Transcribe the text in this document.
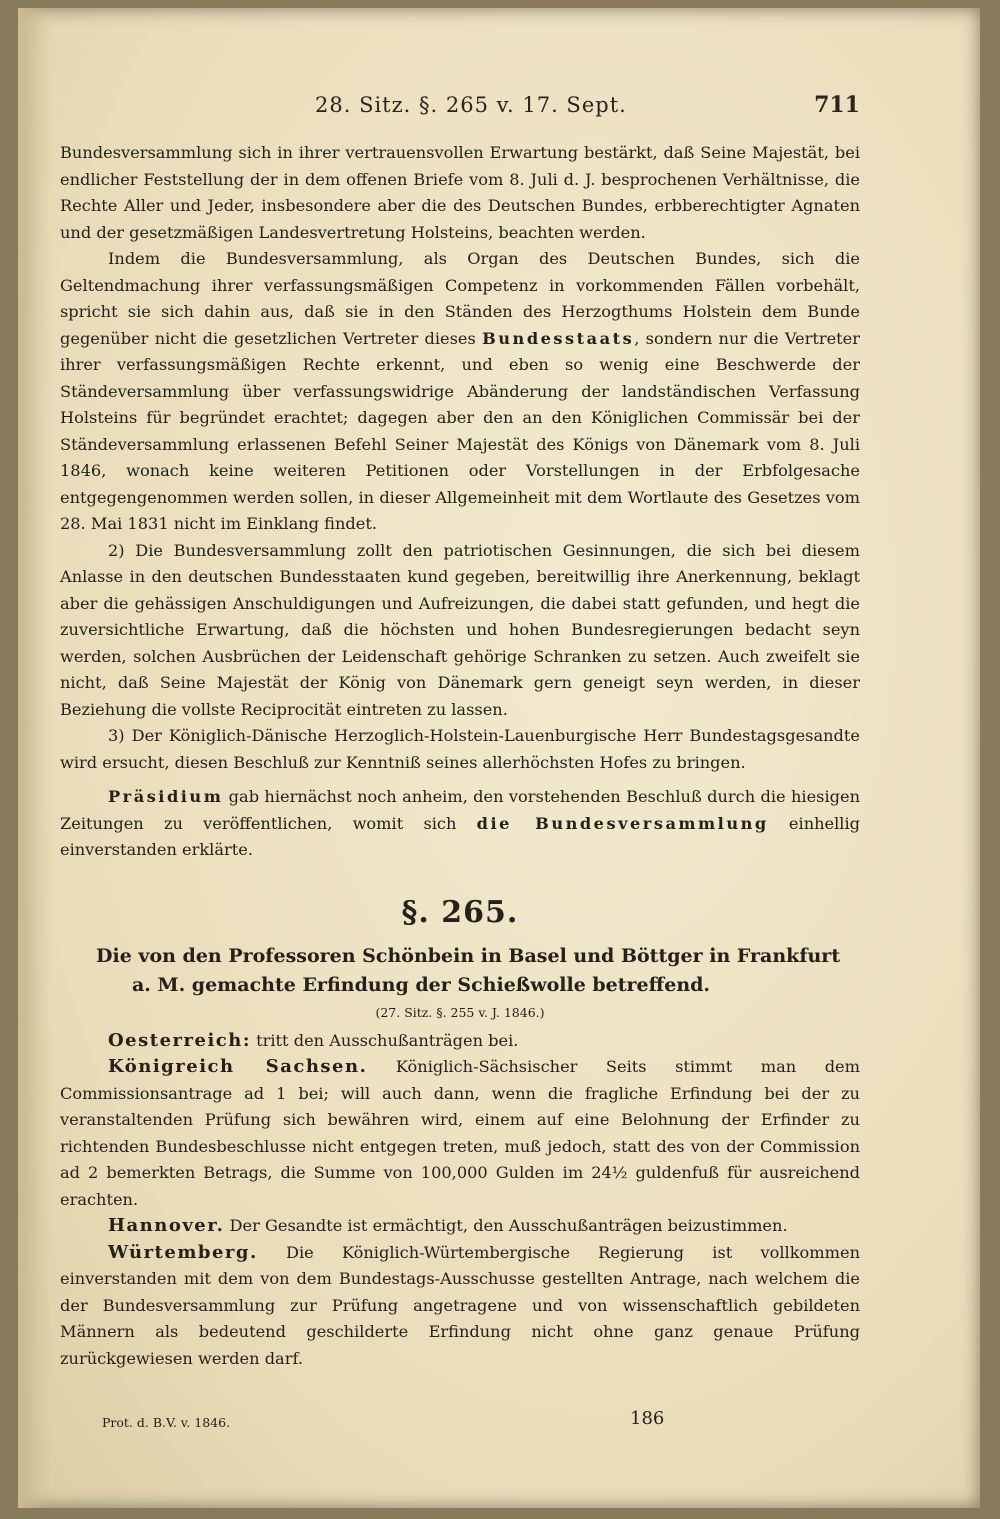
28. Sitz. §. 265 v. 17. Sept.	711

Bundesversammlung sich in ihrer vertrauensvollen Erwartung bestärkt, daß Seine Majestät, bei endlicher Feststellung der in dem offenen Briefe vom 8. Juli d. J. besprochenen Verhältnisse, die Rechte Aller und Jeder, insbesondere aber die des Deutschen Bundes, erbberechtigter Agnaten und der gesetzmäßigen Landesvertretung Holsteins, beachten werden.

Indem die Bundesversammlung, als Organ des Deutschen Bundes, sich die Geltendmachung ihrer verfassungsmäßigen Competenz in vorkommenden Fällen vorbehält, spricht sie sich dahin aus, daß sie in den Ständen des Herzogthums Holstein dem Bunde gegenüber nicht die gesetzlichen Vertreter dieses Bundesstaats, sondern nur die Vertreter ihrer verfassungsmäßigen Rechte erkennt, und eben so wenig eine Beschwerde der Ständeversammlung über verfassungswidrige Abänderung der landständischen Verfassung Holsteins für begründet erachtet; dagegen aber den an den Königlichen Commissär bei der Ständeversammlung erlassenen Befehl Seiner Majestät des Königs von Dänemark vom 8. Juli 1846, wonach keine weiteren Petitionen oder Vorstellungen in der Erbfolgesache entgegengenommen werden sollen, in dieser Allgemeinheit mit dem Wortlaute des Gesetzes vom 28. Mai 1831 nicht im Einklang findet.

2) Die Bundesversammlung zollt den patriotischen Gesinnungen, die sich bei diesem Anlasse in den deutschen Bundesstaaten kund gegeben, bereitwillig ihre Anerkennung, beklagt aber die gehässigen Anschuldigungen und Aufreizungen, die dabei statt gefunden, und hegt die zuversichtliche Erwartung, daß die höchsten und hohen Bundesregierungen bedacht seyn werden, solchen Ausbrüchen der Leidenschaft gehörige Schranken zu setzen. Auch zweifelt sie nicht, daß Seine Majestät der König von Dänemark gern geneigt seyn werden, in dieser Beziehung die vollste Reciprocität eintreten zu lassen.

3) Der Königlich-Dänische Herzoglich-Holstein-Lauenburgische Herr Bundestagsgesandte wird ersucht, diesen Beschluß zur Kenntniß seines allerhöchsten Hofes zu bringen.

Präsidium gab hiernächst noch anheim, den vorstehenden Beschluß durch die hiesigen Zeitungen zu veröffentlichen, womit sich die Bundesversammlung einhellig einverstanden erklärte.

§. 265.

Die von den Professoren Schönbein in Basel und Böttger in Frankfurt a. M. gemachte Erfindung der Schießwolle betreffend.

(27. Sitz. §. 255 v. J. 1846.)

Oesterreich: tritt den Ausschußanträgen bei.

Königreich Sachsen. Königlich-Sächsischer Seits stimmt man dem Commissionsantrage ad 1 bei; will auch dann, wenn die fragliche Erfindung bei der zu veranstaltenden Prüfung sich bewähren wird, einem auf eine Belohnung der Erfinder zu richtenden Bundesbeschlusse nicht entgegen treten, muß jedoch, statt des von der Commission ad 2 bemerkten Betrags, die Summe von 100,000 Gulden im 24½ guldenfuß für ausreichend erachten.

Hannover. Der Gesandte ist ermächtigt, den Ausschußanträgen beizustimmen.

Würtemberg. Die Königlich-Würtembergische Regierung ist vollkommen einverstanden mit dem von dem Bundestags-Ausschusse gestellten Antrage, nach welchem die der Bundesversammlung zur Prüfung angetragene und von wissenschaftlich gebildeten Männern als bedeutend geschilderte Erfindung nicht ohne ganz genaue Prüfung zurückgewiesen werden darf.

Prot. d. B.V. v. 1846.	186
